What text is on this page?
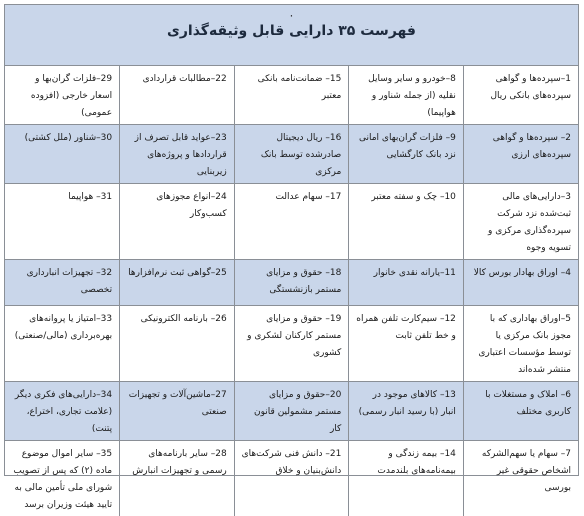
۰
فهرست ۳۵ دارایی قابل وثیقه‌گذاری
1–سپرده‌ها و گواهی سپرده‌های بانکی ریال	8–خودرو و سایر وسایل نقلیه (از جمله شناور و هواپیما)	15– ضمانت‌نامه بانکی معتبر	22–مطالبات قراردادی	29–فلزات گران‌بها و اسعار خارجی (افزوده عمومی)
2– سپرده‌ها و گواهی سپرده‌های ارزی	9– فلزات گران‌بهای امانی نزد بانک کارگشایی	16– ریال دیجیتال صادرشده توسط بانک مرکزی	23–عواید قابل تصرف از قراردادها و پروژه‌های زیربنایی	30–شناور (ملل کشتی)
3–دارایی‌های مالی ثبت‌شده نزد شرکت سپرده‌گذاری مرکزی و تسویه وجوه	10– چک و سفته معتبر	17– سهام عدالت	24–انواع مجوزهای کسب‌وکار	31– هواپیما
4– اوراق بهادار بورس کالا	11–یارانه نقدی خانوار	18– حقوق و مزایای مستمر بازنشستگی	25–گواهی ثبت نرم‌افزارها	32– تجهیزات انبارداری تخصصی
5–اوراق بهاداری که با مجوز بانک مرکزی یا توسط مؤسسات اعتباری منتشر شده‌اند	12– سیم‌کارت تلفن همراه و خط تلفن ثابت	19– حقوق و مزایای مستمر کارکنان لشکری و کشوری	26– بارنامه الکترونیکی	33–امتیاز یا پروانه‌های بهره‌برداری (مالی/صنعتی)
6– املاک و مستغلات با کاربری مختلف	13– کالاهای موجود در انبار (با رسید انبار رسمی)	20–حقوق و مزایای مستمر مشمولین قانون کار	27–ماشین‌آلات و تجهیزات صنعتی	34–دارایی‌های فکری دیگر (علامت تجاری، اختراع، پتنت)
7– سهام یا سهم‌الشرکه اشخاص حقوقی غیر بورسی	14– بیمه زندگی و بیمه‌نامه‌های بلندمدت	21– دانش فنی شرکت‌های دانش‌بنیان و خلاق	28– سایر بارنامه‌های رسمی و تجهیزات انبارش	35– سایر اموال موضوع ماده (۲) که پس از تصویب شورای ملی تأمین مالی به تایید هیئت وزیران برسد
